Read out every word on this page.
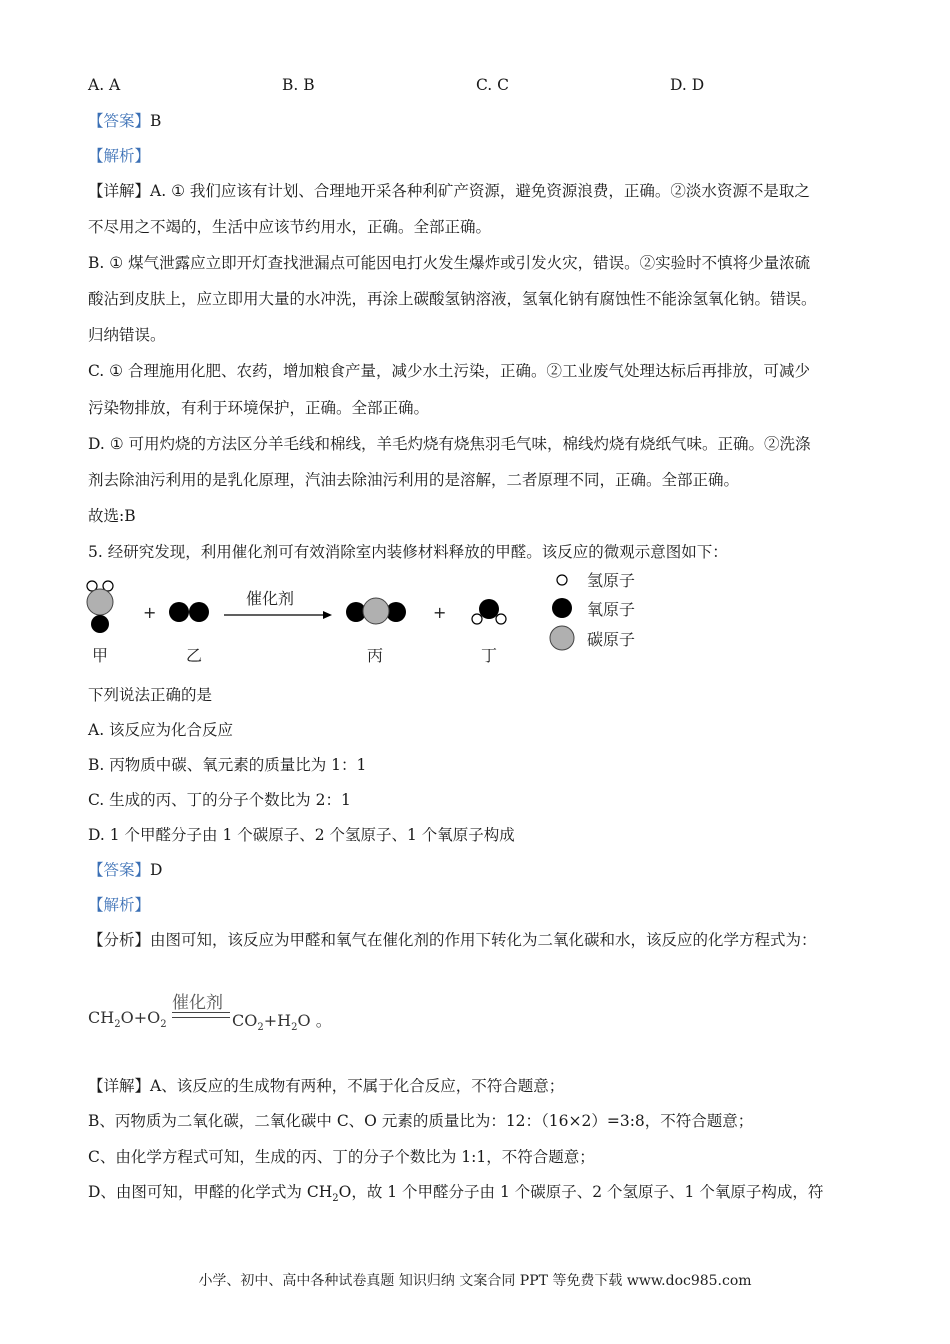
A. A	B. B	C. C	D. D
【答案】B
【解析】
【详解】A. ① 我们应该有计划、合理地开采各种利矿产资源，避免资源浪费，正确。②淡水资源不是取之
不尽用之不竭的，生活中应该节约用水，正确。全部正确。
B. ① 煤气泄露应立即开灯查找泄漏点可能因电打火发生爆炸或引发火灾，错误。②实验时不慎将少量浓硫
酸沾到皮肤上，应立即用大量的水冲洗，再涂上碳酸氢钠溶液，氢氧化钠有腐蚀性不能涂氢氧化钠。错误。
归纳错误。
C. ① 合理施用化肥、农药，增加粮食产量，减少水土污染，正确。②工业废气处理达标后再排放，可减少
污染物排放，有利于环境保护，正确。全部正确。
D. ① 可用灼烧的方法区分羊毛线和棉线，羊毛灼烧有烧焦羽毛气味，棉线灼烧有烧纸气味。正确。②洗涤
剂去除油污利用的是乳化原理，汽油去除油污利用的是溶解，二者原理不同，正确。全部正确。
故选:B
5. 经研究发现，利用催化剂可有效消除室内装修材料释放的甲醛。该反应的微观示意图如下：
+
催化剂
+
甲	乙	丙	丁
氢原子
氧原子
碳原子
下列说法正确的是
A. 该反应为化合反应
B. 丙物质中碳、氧元素的质量比为 1：1
C. 生成的丙、丁的分子个数比为 2：1
D. 1 个甲醛分子由 1 个碳原子、2 个氢原子、1 个氧原子构成
【答案】D
【解析】
【分析】由图可知，该反应为甲醛和氧气在催化剂的作用下转化为二氧化碳和水，该反应的化学方程式为：
催化剂
$CH_2O+O_2$	$CO_2+H_2O$ 。
【详解】A、该反应的生成物有两种，不属于化合反应，不符合题意；
B、丙物质为二氧化碳，二氧化碳中 C、O 元素的质量比为：12：（16×2）=3:8，不符合题意；
C、由化学方程式可知，生成的丙、丁的分子个数比为 1:1，不符合题意；
D、由图可知，甲醛的化学式为 $CH_2O$，故 1 个甲醛分子由 1 个碳原子、2 个氢原子、1 个氧原子构成，符
小学、初中、高中各种试卷真题 知识归纳 文案合同 PPT 等免费下载 www.doc985.com
